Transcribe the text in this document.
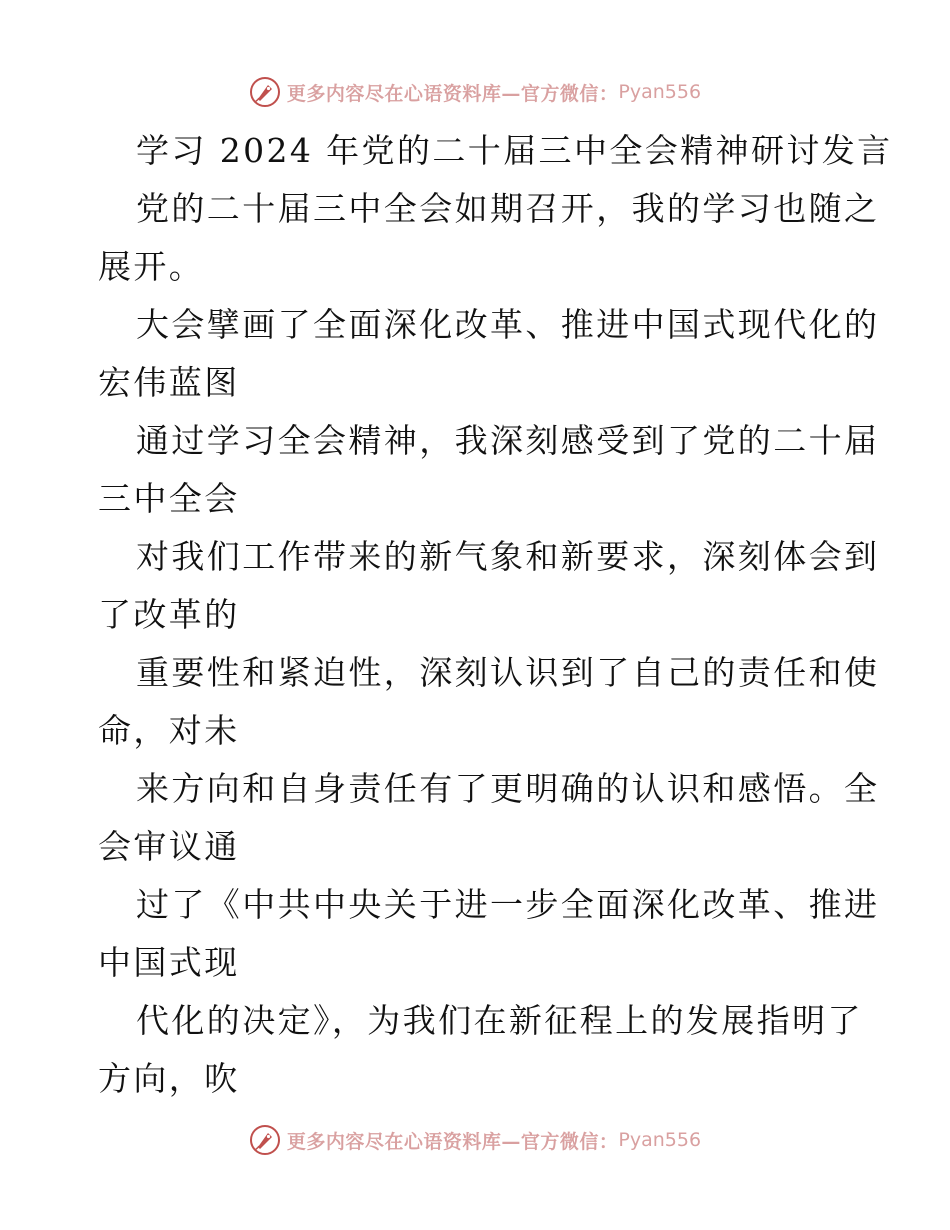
更多内容尽在心语资料库—官方微信： Pyan556
学习 2024 年党的二十届三中全会精神研讨发言
党的二十届三中全会如期召开，我的学习也随之
展开。
大会擘画了全面深化改革、推进中国式现代化的
宏伟蓝图
通过学习全会精神，我深刻感受到了党的二十届
三中全会
对我们工作带来的新气象和新要求，深刻体会到
了改革的
重要性和紧迫性，深刻认识到了自己的责任和使
命，对未
来方向和自身责任有了更明确的认识和感悟。全
会审议通
过了《中共中央关于进一步全面深化改革、推进
中国式现
代化的决定》，为我们在新征程上的发展指明了
方向，吹
更多内容尽在心语资料库—官方微信： Pyan556
